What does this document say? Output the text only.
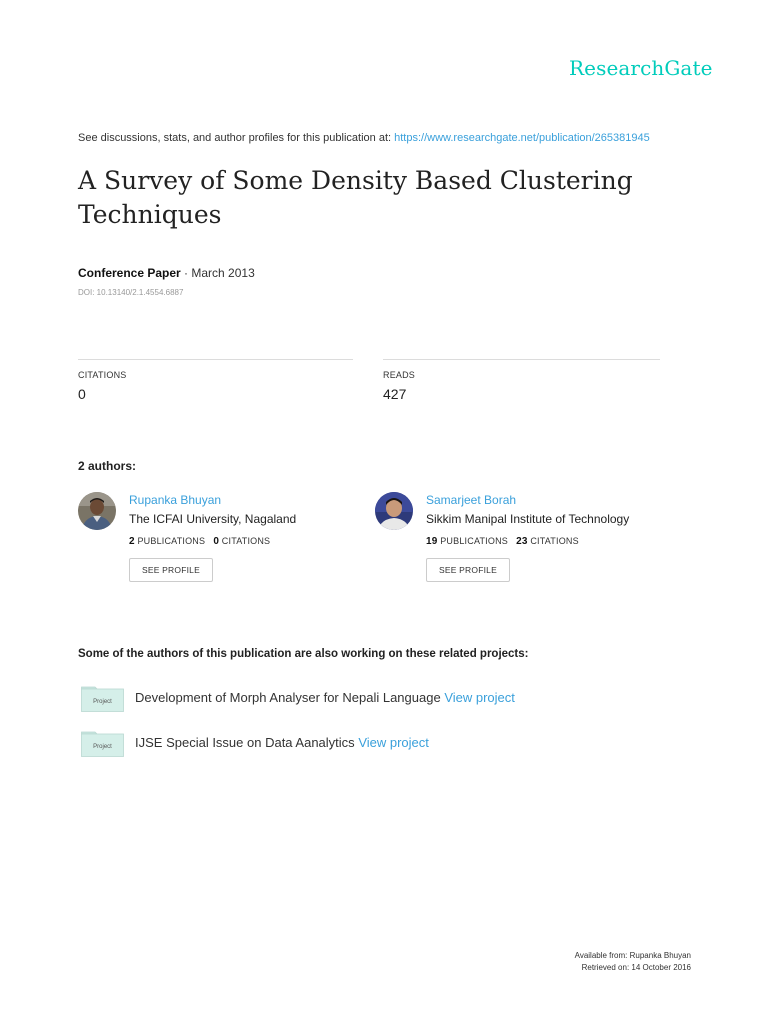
ResearchGate
See discussions, stats, and author profiles for this publication at: https://www.researchgate.net/publication/265381945
A Survey of Some Density Based Clustering Techniques
Conference Paper · March 2013
DOI: 10.13140/2.1.4554.6887
CITATIONS
0
READS
427
2 authors:
Rupanka Bhuyan
The ICFAI University, Nagaland
2 PUBLICATIONS 0 CITATIONS
SEE PROFILE
Samarjeet Borah
Sikkim Manipal Institute of Technology
19 PUBLICATIONS 23 CITATIONS
SEE PROFILE
Some of the authors of this publication are also working on these related projects:
Project Development of Morph Analyser for Nepali Language View project
Project IJSE Special Issue on Data Aanalytics View project
Available from: Rupanka Bhuyan
Retrieved on: 14 October 2016
